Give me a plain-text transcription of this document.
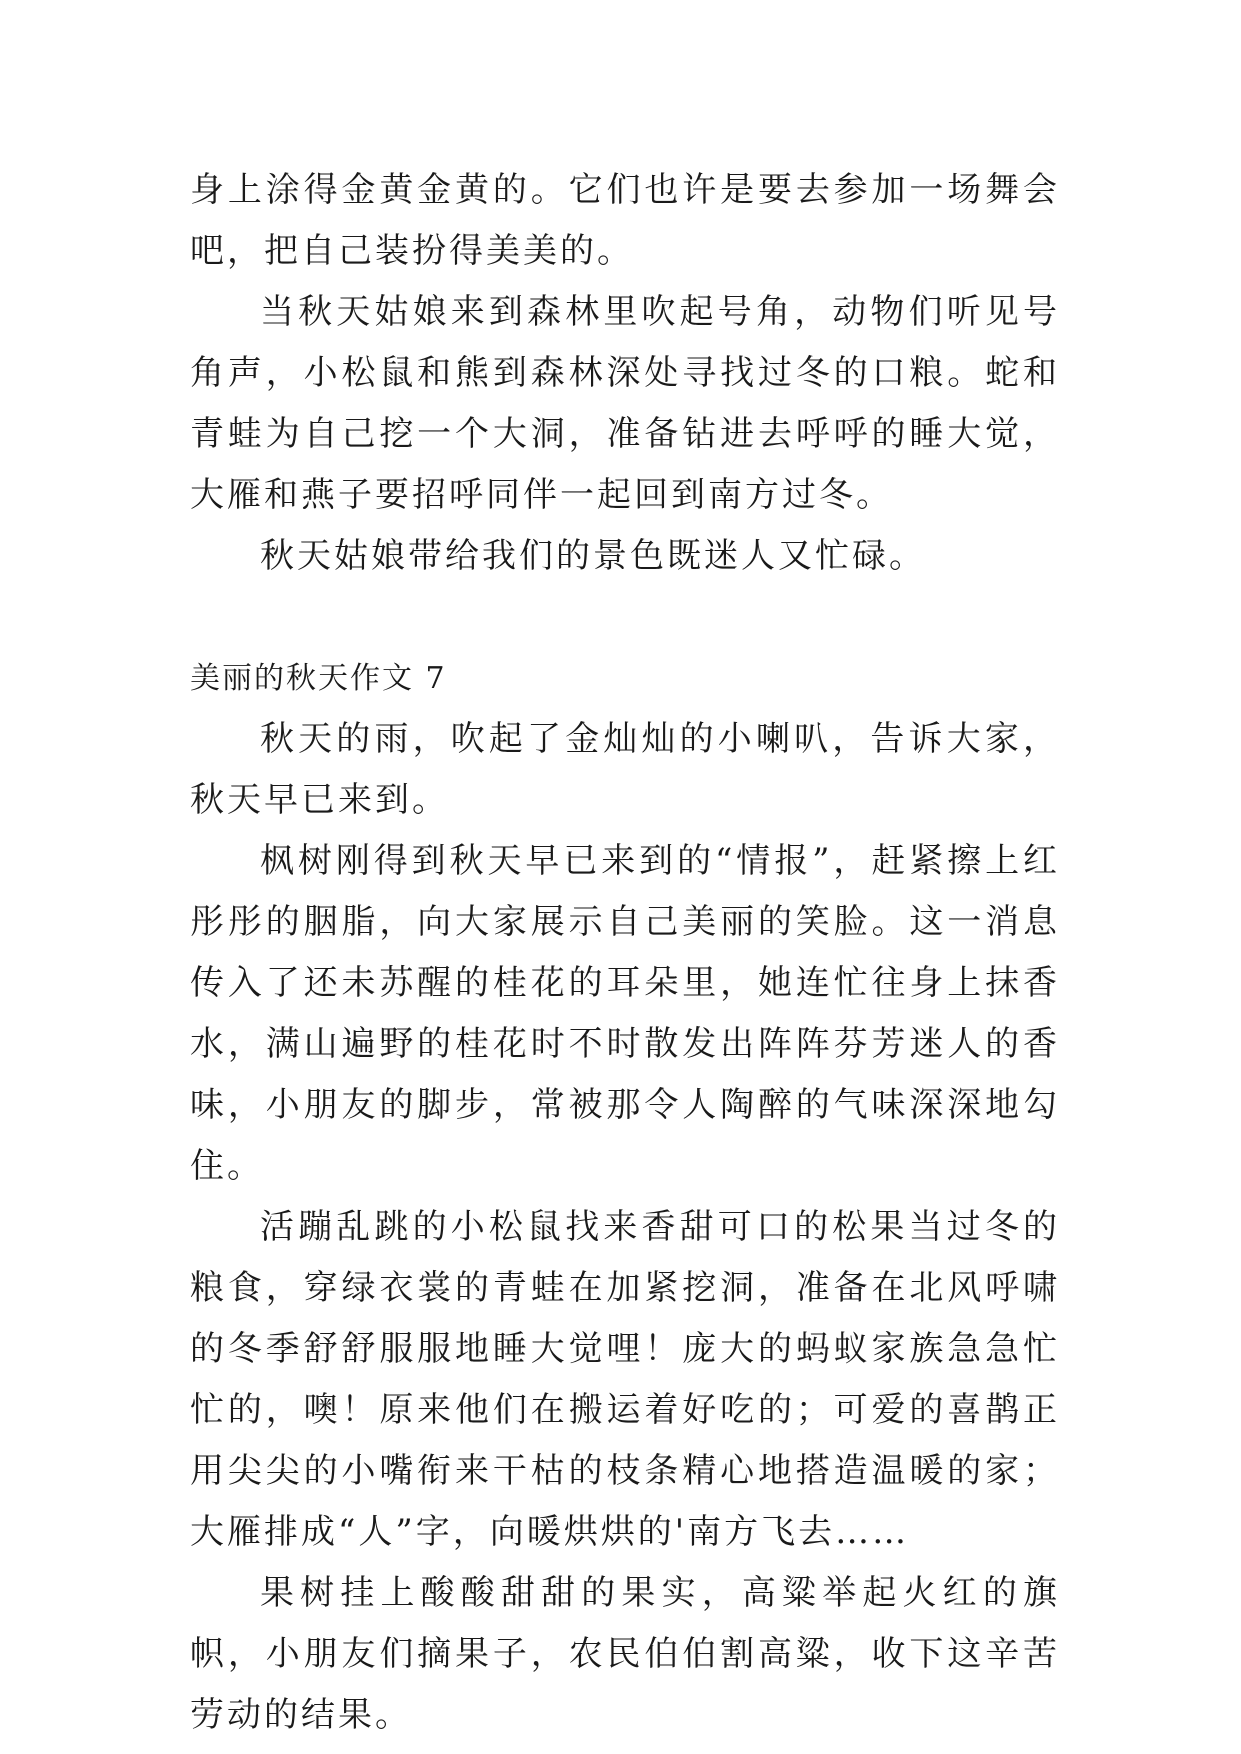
身上涂得金黄金黄的。它们也许是要去参加一场舞会吧，把自己装扮得美美的。

当秋天姑娘来到森林里吹起号角，动物们听见号角声，小松鼠和熊到森林深处寻找过冬的口粮。蛇和青蛙为自己挖一个大洞，准备钻进去呼呼的睡大觉，大雁和燕子要招呼同伴一起回到南方过冬。

秋天姑娘带给我们的景色既迷人又忙碌。

美丽的秋天作文 7

秋天的雨，吹起了金灿灿的小喇叭，告诉大家，秋天早已来到。

枫树刚得到秋天早已来到的“情报”，赶紧擦上红彤彤的胭脂，向大家展示自己美丽的笑脸。这一消息传入了还未苏醒的桂花的耳朵里，她连忙往身上抹香水，满山遍野的桂花时不时散发出阵阵芬芳迷人的香味，小朋友的脚步，常被那令人陶醉的气味深深地勾住。

活蹦乱跳的小松鼠找来香甜可口的松果当过冬的粮食，穿绿衣裳的青蛙在加紧挖洞，准备在北风呼啸的冬季舒舒服服地睡大觉哩！庞大的蚂蚁家族急急忙忙的，噢！原来他们在搬运着好吃的；可爱的喜鹊正用尖尖的小嘴衔来干枯的枝条精心地搭造温暖的家；大雁排成“人”字，向暖烘烘的'南方飞去……

果树挂上酸酸甜甜的果实，高粱举起火红的旗帜，小朋友们摘果子，农民伯伯割高粱，收下这辛苦劳动的结果。
